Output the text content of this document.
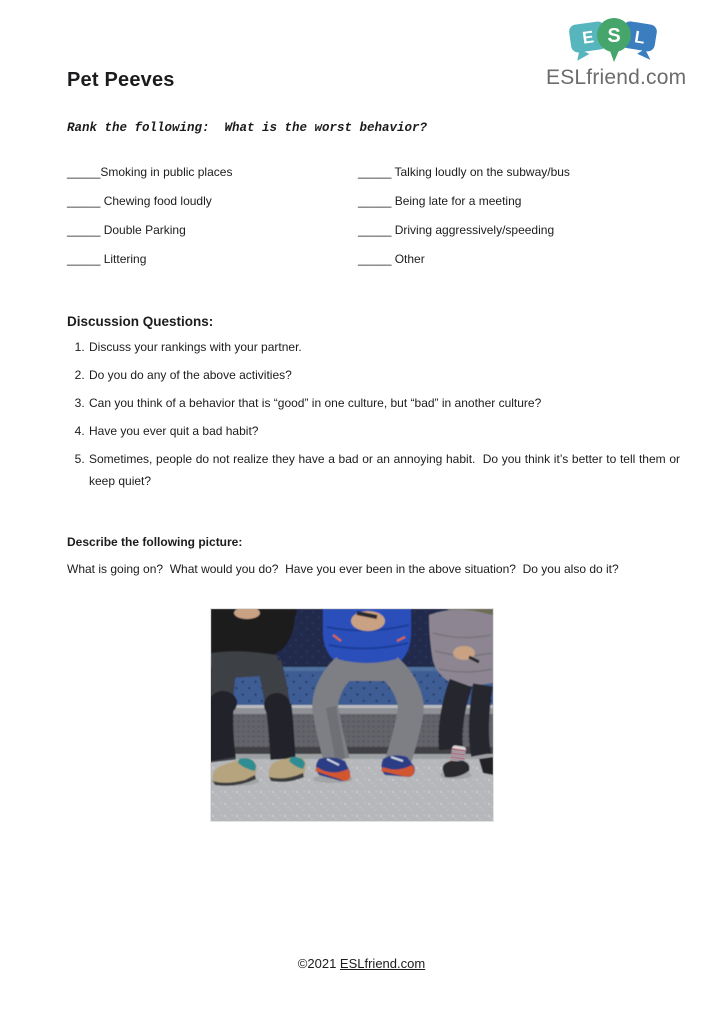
E L
S
ESLfriend.com
Pet Peeves

Rank the following:  What is the worst behavior?

_____Smoking in public places	_____ Talking loudly on the subway/bus
_____ Chewing food loudly	_____ Being late for a meeting
_____ Double Parking	_____ Driving aggressively/speeding
_____ Littering	_____ Other
Discussion Questions:
1. Discuss your rankings with your partner.
2. Do you do any of the above activities?
3. Can you think of a behavior that is “good” in one culture, but “bad” in another culture?
4. Have you ever quit a bad habit?
5. Sometimes, people do not realize they have a bad or an annoying habit.  Do you think it’s better to tell them or keep quiet?
Describe the following picture:

What is going on?  What would you do?  Have you ever been in the above situation?  Do you also do it?

©2021 ESLfriend.com
